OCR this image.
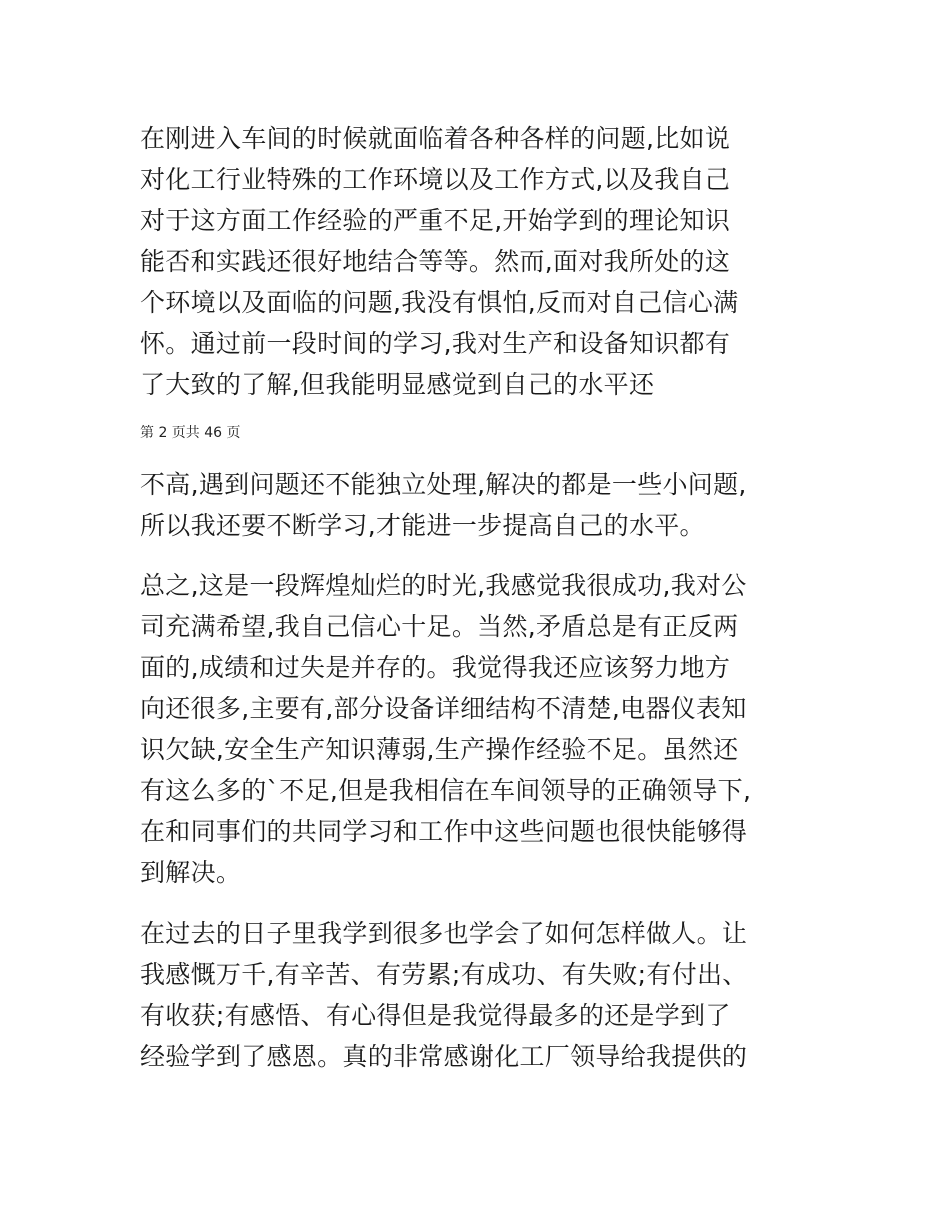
在刚进入车间的时候就面临着各种各样的问题,比如说

对化工行业特殊的工作环境以及工作方式,以及我自己

对于这方面工作经验的严重不足,开始学到的理论知识

能否和实践还很好地结合等等。然而,面对我所处的这

个环境以及面临的问题,我没有惧怕,反而对自己信心满

怀。通过前一段时间的学习,我对生产和设备知识都有

了大致的了解,但我能明显感觉到自己的水平还

第 2 页共 46 页

不高,遇到问题还不能独立处理,解决的都是一些小问题,

所以我还要不断学习,才能进一步提高自己的水平。

总之,这是一段辉煌灿烂的时光,我感觉我很成功,我对公

司充满希望,我自己信心十足。当然,矛盾总是有正反两

面的,成绩和过失是并存的。我觉得我还应该努力地方

向还很多,主要有,部分设备详细结构不清楚,电器仪表知

识欠缺,安全生产知识薄弱,生产操作经验不足。虽然还

有这么多的`不足,但是我相信在车间领导的正确领导下,

在和同事们的共同学习和工作中这些问题也很快能够得

到解决。

在过去的日子里我学到很多也学会了如何怎样做人。让

我感慨万千,有辛苦、有劳累;有成功、有失败;有付出、

有收获;有感悟、有心得但是我觉得最多的还是学到了

经验学到了感恩。真的非常感谢化工厂领导给我提供的
